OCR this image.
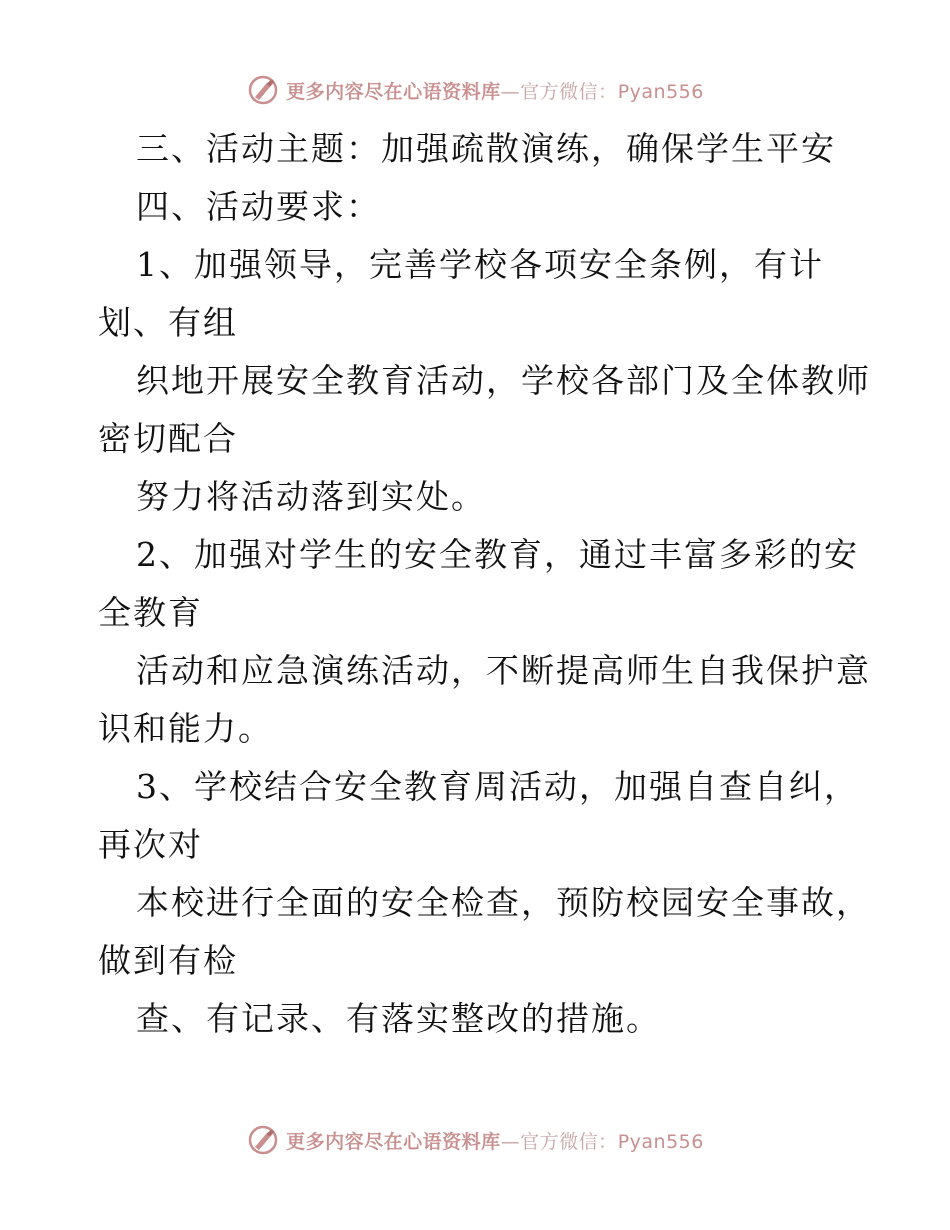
更多内容尽在心语资料库—官方微信：Pyan556
三、活动主题：加强疏散演练，确保学生平安
四、活动要求：
1、加强领导，完善学校各项安全条例，有计
划、有组
织地开展安全教育活动，学校各部门及全体教师
密切配合
努力将活动落到实处。
2、加强对学生的安全教育，通过丰富多彩的安
全教育
活动和应急演练活动，不断提高师生自我保护意
识和能力。
3、学校结合安全教育周活动，加强自查自纠，
再次对
本校进行全面的安全检查，预防校园安全事故，
做到有检
查、有记录、有落实整改的措施。
更多内容尽在心语资料库—官方微信：Pyan556
